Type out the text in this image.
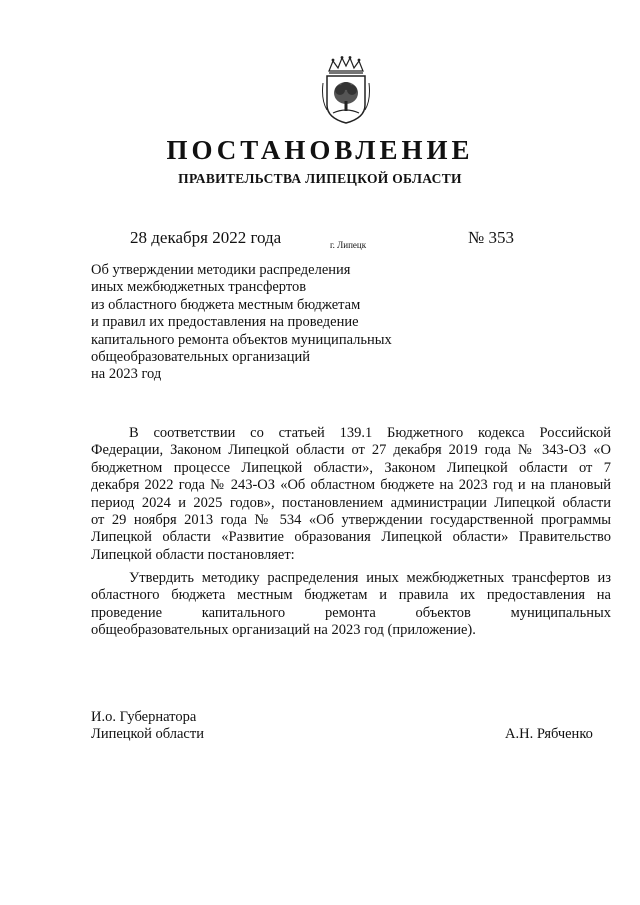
ПОСТАНОВЛЕНИЕ
ПРАВИТЕЛЬСТВА ЛИПЕЦКОЙ ОБЛАСТИ
28 декабря 2022 года	г. Липецк	№ 353
Об утверждении методики распределения
иных межбюджетных трансфертов
из областного бюджета местным бюджетам
и правил их предоставления на проведение
капитального ремонта объектов муниципальных
общеобразовательных организаций
на 2023 год
В соответствии со статьей 139.1 Бюджетного кодекса Российской
Федерации, Законом Липецкой области от 27 декабря 2019 года № 343-ОЗ «О
бюджетном процессе Липецкой области», Законом Липецкой области от 7
декабря 2022 года № 243-ОЗ «Об областном бюджете на 2023 год и на плановый
период 2024 и 2025 годов», постановлением администрации Липецкой области
от 29 ноября 2013 года № 534 «Об утверждении государственной программы
Липецкой области «Развитие образования Липецкой области» Правительство
Липецкой области постановляет:
Утвердить методику распределения иных межбюджетных трансфертов из
областного бюджета местным бюджетам и правила их предоставления на
проведение капитального ремонта объектов муниципальных
общеобразовательных организаций на 2023 год (приложение).
И.о. Губернатора
Липецкой области	А.Н. Рябченко
